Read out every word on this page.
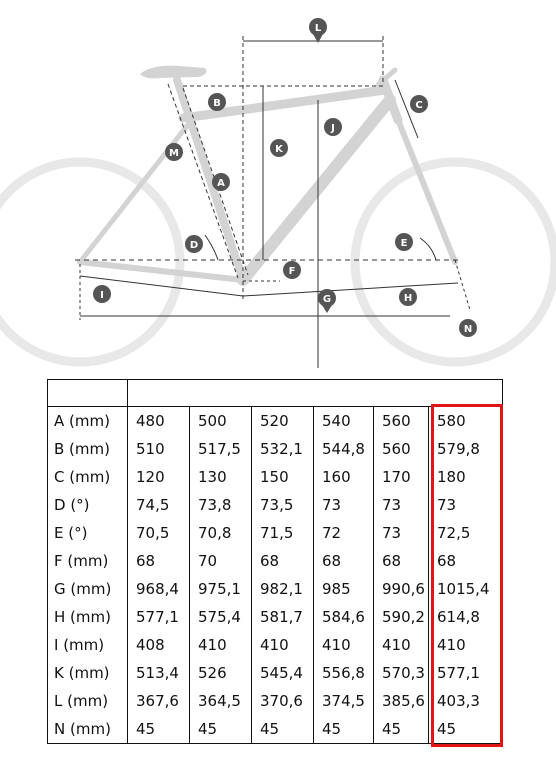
L
B	C
J
K
M
A
D	E
F
I	G	H
N

A (mm)	480	500	520	540	560	580
B (mm)	510	517,5	532,1	544,8	560	579,8
C (mm)	120	130	150	160	170	180
D (°)	74,5	73,8	73,5	73	73	73
E (°)	70,5	70,8	71,5	72	73	72,5
F (mm)	68	70	68	68	68	68
G (mm)	968,4	975,1	982,1	985	990,6	1015,4
H (mm)	577,1	575,4	581,7	584,6	590,2	614,8
I (mm)	408	410	410	410	410	410
K (mm)	513,4	526	545,4	556,8	570,3	577,1
L (mm)	367,6	364,5	370,6	374,5	385,6	403,3
N (mm)	45	45	45	45	45	45
